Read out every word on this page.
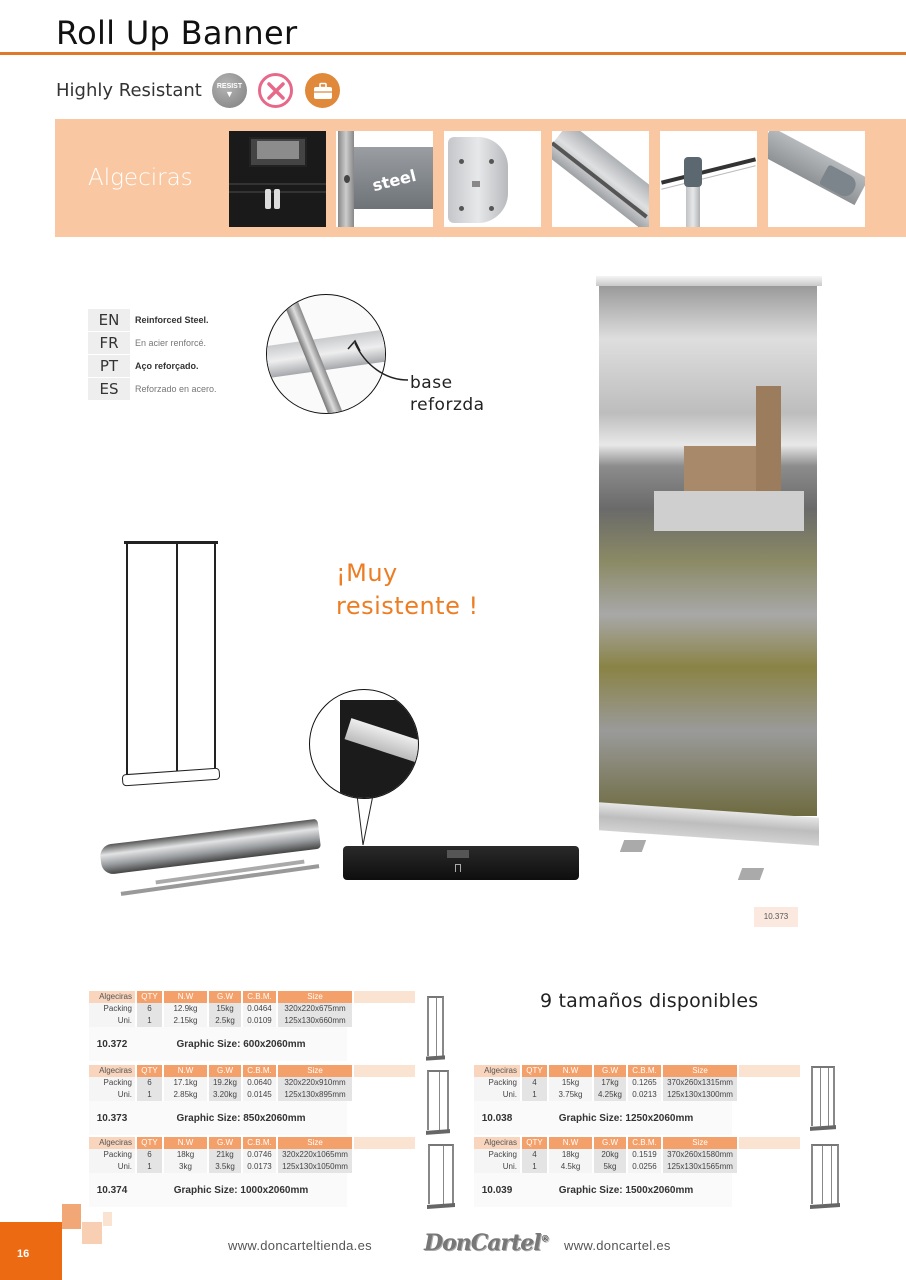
Roll Up Banner
Highly Resistant RESIST
▼
Algeciras	steel
EN	Reinforced Steel.
FR	En acier renforcé.
PT	Aço reforçado.
ES	Reforzado en acero.	base
reforzda
¡Muy
resistente !
10.373
9 tamaños disponibles
Algeciras	QTY	N.W	G.W	C.B.M.	Size
Packing	6	12.9kg	15kg	0.0464	320x220x675mm
Uni.	1	2.15kg	2.5kg	0.0109	125x130x660mm
10.372	Graphic Size: 600x2060mm
Algeciras	QTY	N.W	G.W	C.B.M.	Size
Packing	6	17.1kg	19.2kg	0.0640	320x220x910mm
Uni.	1	2.85kg	3.20kg	0.0145	125x130x895mm
10.373	Graphic Size: 850x2060mm
Algeciras	QTY	N.W	G.W	C.B.M.	Size
Packing	6	18kg	21kg	0.0746	320x220x1065mm
Uni.	1	3kg	3.5kg	0.0173	125x130x1050mm
10.374	Graphic Size: 1000x2060mm
Algeciras	QTY	N.W	G.W	C.B.M.	Size
Packing	4	15kg	17kg	0.1265	370x260x1315mm
Uni.	1	3.75kg	4.25kg	0.0213	125x130x1300mm
10.038	Graphic Size: 1250x2060mm
Algeciras	QTY	N.W	G.W	C.B.M.	Size
Packing	4	18kg	20kg	0.1519	370x260x1580mm
Uni.	1	4.5kg	5kg	0.0256	125x130x1565mm
10.039	Graphic Size: 1500x2060mm
16
www.doncarteltienda.es DonCartel® www.doncartel.es
